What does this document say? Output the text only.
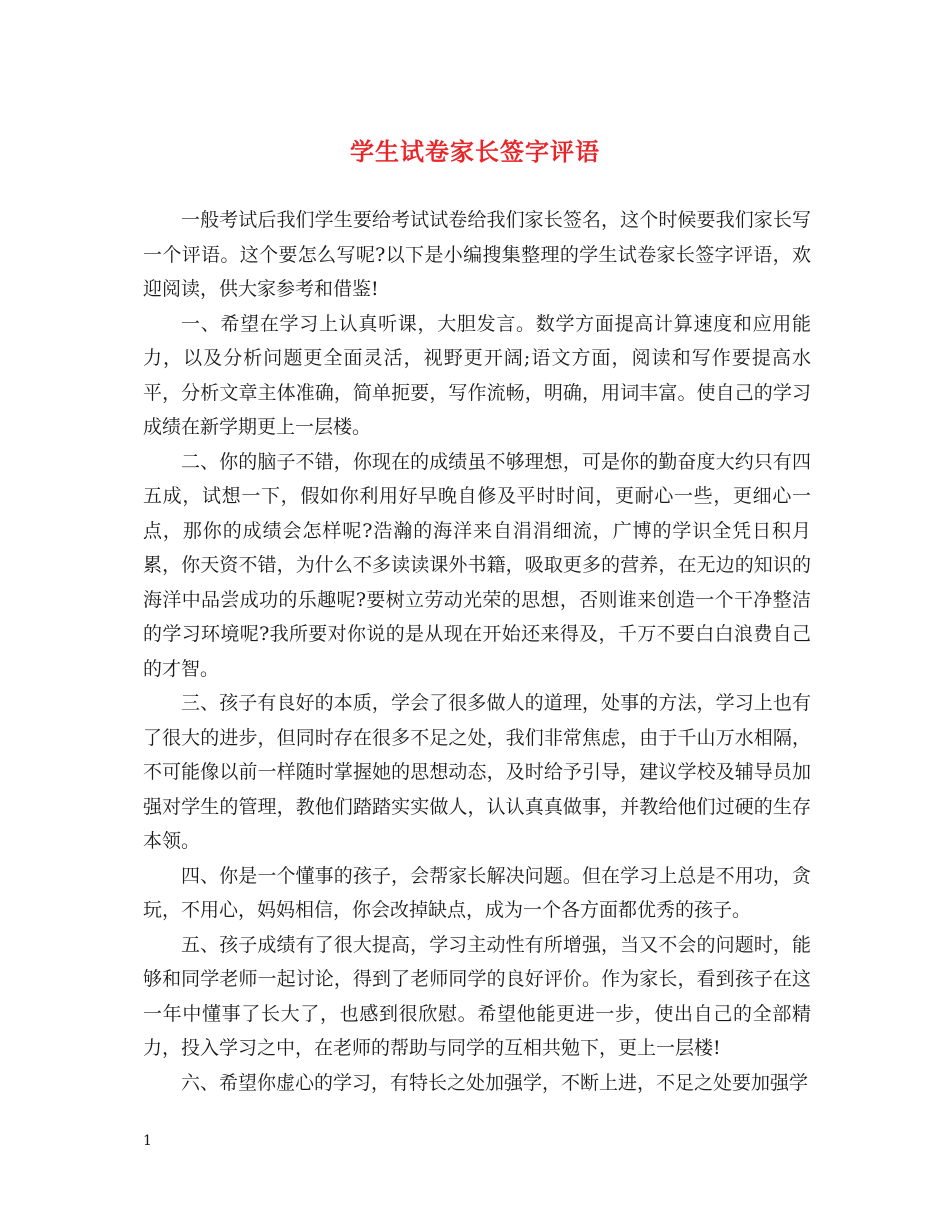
学生试卷家长签字评语

一般考试后我们学生要给考试试卷给我们家长签名，这个时候要我们家长写一个评语。这个要怎么写呢?以下是小编搜集整理的学生试卷家长签字评语，欢迎阅读，供大家参考和借鉴!

一、希望在学习上认真听课，大胆发言。数学方面提高计算速度和应用能力，以及分析问题更全面灵活，视野更开阔;语文方面，阅读和写作要提高水平，分析文章主体准确，简单扼要，写作流畅，明确，用词丰富。使自己的学习成绩在新学期更上一层楼。

二、你的脑子不错，你现在的成绩虽不够理想，可是你的勤奋度大约只有四五成，试想一下，假如你利用好早晚自修及平时时间，更耐心一些，更细心一点，那你的成绩会怎样呢?浩瀚的海洋来自涓涓细流，广博的学识全凭日积月累，你天资不错，为什么不多读读课外书籍，吸取更多的营养，在无边的知识的海洋中品尝成功的乐趣呢?要树立劳动光荣的思想，否则谁来创造一个干净整洁的学习环境呢?我所要对你说的是从现在开始还来得及，千万不要白白浪费自己的才智。

三、孩子有良好的本质，学会了很多做人的道理，处事的方法，学习上也有了很大的进步，但同时存在很多不足之处，我们非常焦虑，由于千山万水相隔，不可能像以前一样随时掌握她的思想动态，及时给予引导，建议学校及辅导员加强对学生的管理，教他们踏踏实实做人，认认真真做事，并教给他们过硬的生存本领。

四、你是一个懂事的孩子，会帮家长解决问题。但在学习上总是不用功，贪玩，不用心，妈妈相信，你会改掉缺点，成为一个各方面都优秀的孩子。

五、孩子成绩有了很大提高，学习主动性有所增强，当又不会的问题时，能够和同学老师一起讨论，得到了老师同学的良好评价。作为家长，看到孩子在这一年中懂事了长大了，也感到很欣慰。希望他能更进一步，使出自己的全部精力，投入学习之中，在老师的帮助与同学的互相共勉下，更上一层楼!

六、希望你虚心的学习，有特长之处加强学，不断上进，不足之处要加强学

1
